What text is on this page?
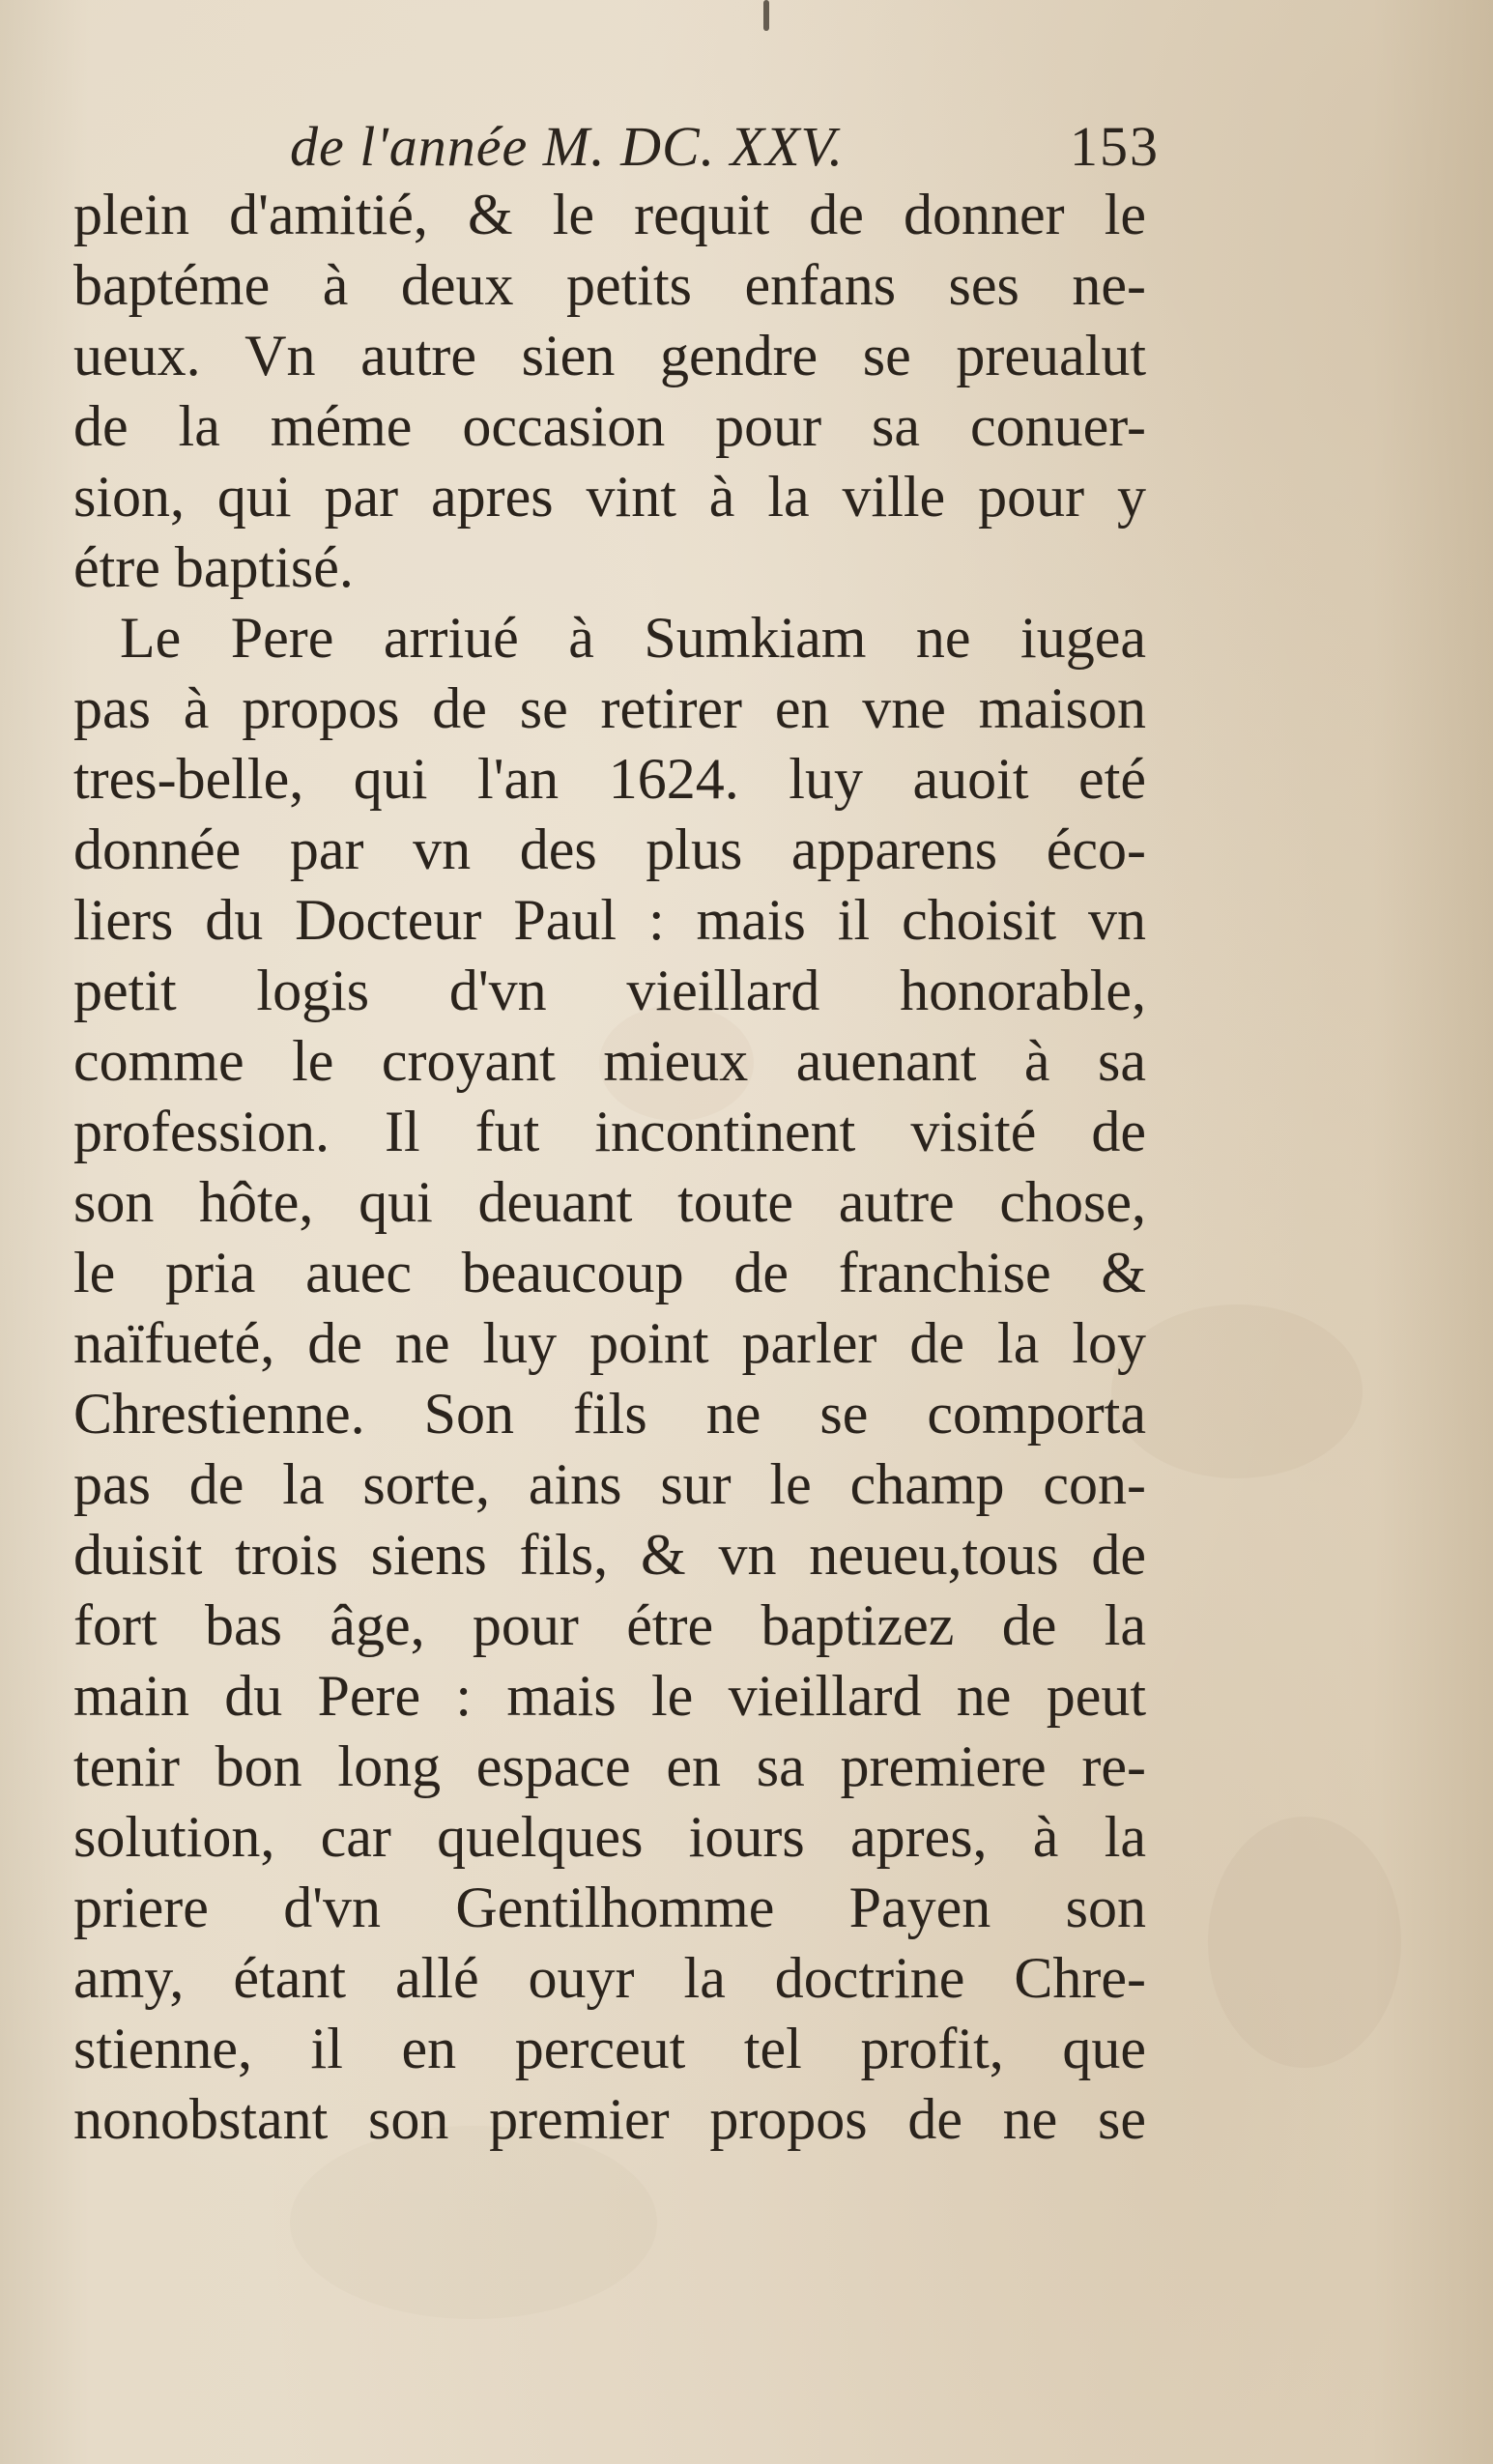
de l'année M. DC. XXV.	153
plein d'amitié, & le requit de donner le
baptéme à deux petits enfans ses ne-
ueux. Vn autre sien gendre se preualut
de la méme occasion pour sa conuer-
sion, qui par apres vint à la ville pour y
étre baptisé.
Le Pere arriué à Sumkiam ne iugea
pas à propos de se retirer en vne maison
tres-belle, qui l'an 1624. luy auoit eté
donnée par vn des plus apparens éco-
liers du Docteur Paul : mais il choisit vn
petit logis d'vn vieillard honorable,
comme le croyant mieux auenant à sa
profession. Il fut incontinent visité de
son hôte, qui deuant toute autre chose,
le pria auec beaucoup de franchise &
naïfueté, de ne luy point parler de la loy
Chrestienne. Son fils ne se comporta
pas de la sorte, ains sur le champ con-
duisit trois siens fils, & vn neueu,tous de
fort bas âge, pour étre baptizez de la
main du Pere : mais le vieillard ne peut
tenir bon long espace en sa premiere re-
solution, car quelques iours apres, à la
priere d'vn Gentilhomme Payen son
amy, étant allé ouyr la doctrine Chre-
stienne, il en perceut tel profit, que
nonobstant son premier propos de ne se
